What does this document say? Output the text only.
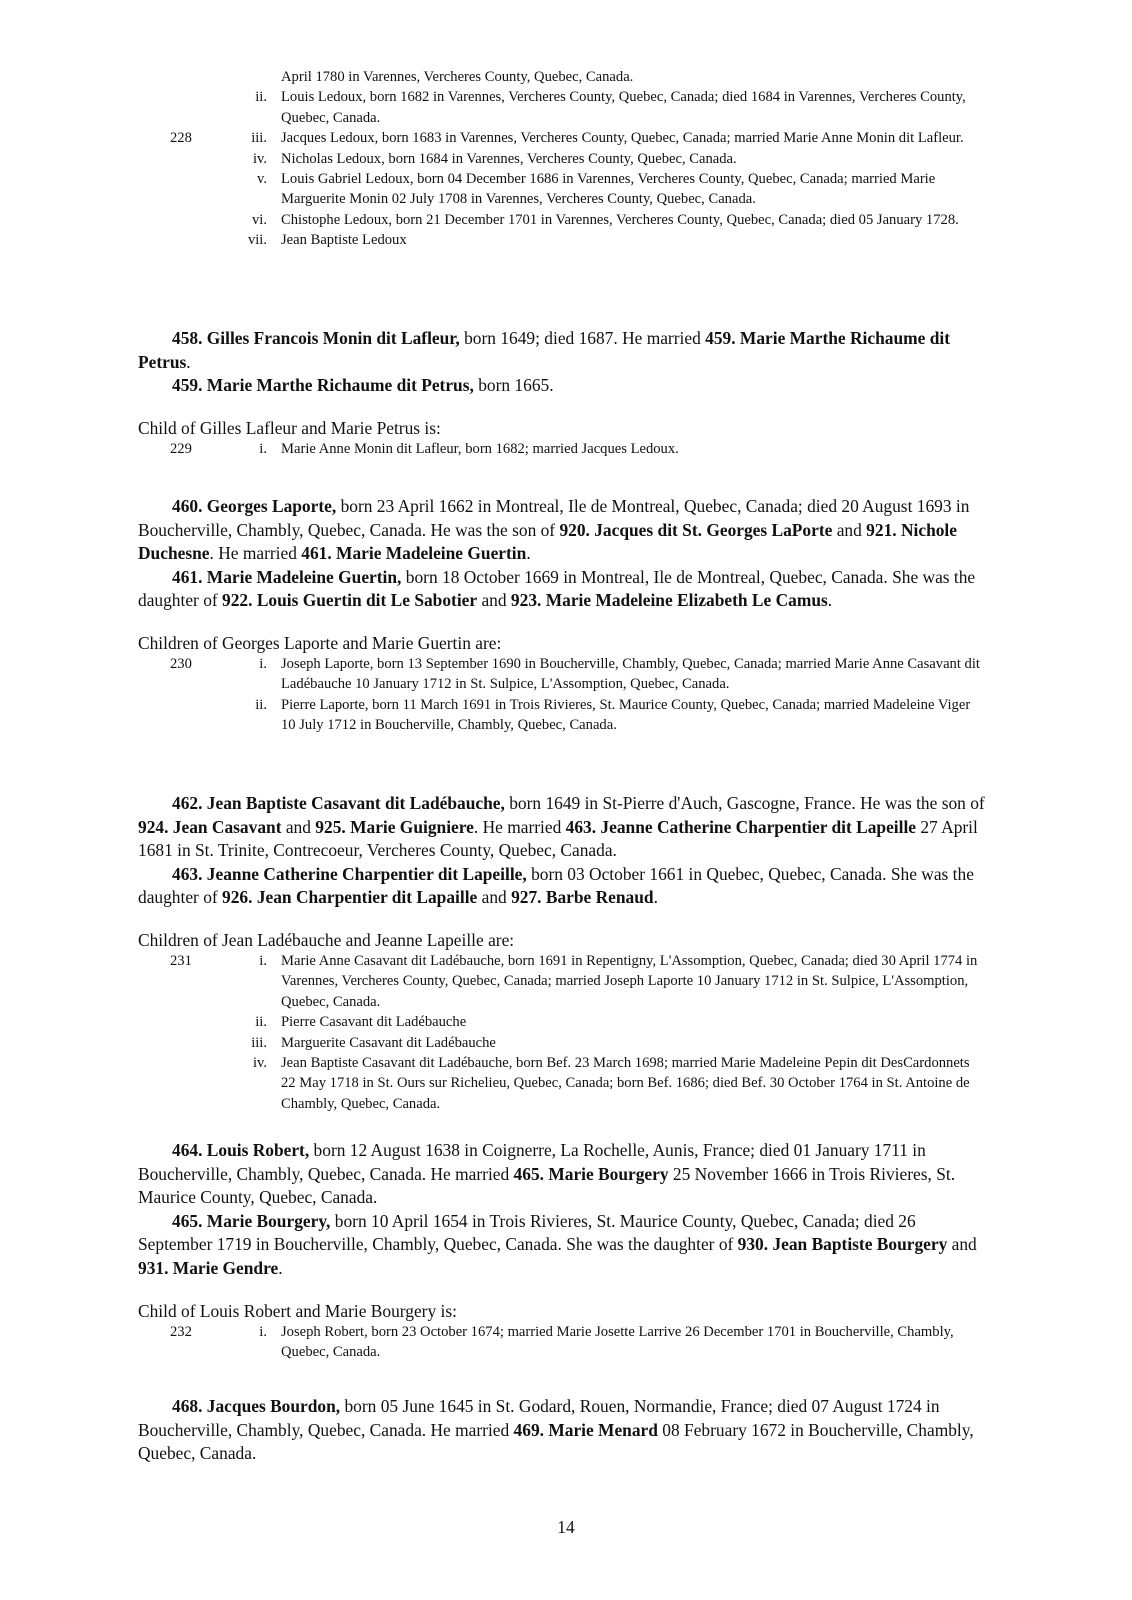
April 1780 in Varennes, Vercheres County, Quebec, Canada.
ii. Louis Ledoux, born 1682 in Varennes, Vercheres County, Quebec, Canada; died 1684 in Varennes, Vercheres County, Quebec, Canada.
228	iii. Jacques Ledoux, born 1683 in Varennes, Vercheres County, Quebec, Canada; married Marie Anne Monin dit Lafleur.
iv. Nicholas Ledoux, born 1684 in Varennes, Vercheres County, Quebec, Canada.
v. Louis Gabriel Ledoux, born 04 December 1686 in Varennes, Vercheres County, Quebec, Canada; married Marie Marguerite Monin 02 July 1708 in Varennes, Vercheres County, Quebec, Canada.
vi. Chistophe Ledoux, born 21 December 1701 in Varennes, Vercheres County, Quebec, Canada; died 05 January 1728.
vii. Jean Baptiste Ledoux

458. Gilles Francois Monin dit Lafleur, born 1649; died 1687. He married 459. Marie Marthe Richaume dit Petrus.

459. Marie Marthe Richaume dit Petrus, born 1665.

Child of Gilles Lafleur and Marie Petrus is:

229	i. Marie Anne Monin dit Lafleur, born 1682; married Jacques Ledoux.

460. Georges Laporte, born 23 April 1662 in Montreal, Ile de Montreal, Quebec, Canada; died 20 August 1693 in Boucherville, Chambly, Quebec, Canada. He was the son of 920. Jacques dit St. Georges LaPorte and 921. Nichole Duchesne. He married 461. Marie Madeleine Guertin.

461. Marie Madeleine Guertin, born 18 October 1669 in Montreal, Ile de Montreal, Quebec, Canada. She was the daughter of 922. Louis Guertin dit Le Sabotier and 923. Marie Madeleine Elizabeth Le Camus.

Children of Georges Laporte and Marie Guertin are:

230	i. Joseph Laporte, born 13 September 1690 in Boucherville, Chambly, Quebec, Canada; married Marie Anne Casavant dit Ladébauche 10 January 1712 in St. Sulpice, L'Assomption, Quebec, Canada.
ii. Pierre Laporte, born 11 March 1691 in Trois Rivieres, St. Maurice County, Quebec, Canada; married Madeleine Viger 10 July 1712 in Boucherville, Chambly, Quebec, Canada.

462. Jean Baptiste Casavant dit Ladébauche, born 1649 in St-Pierre d'Auch, Gascogne, France. He was the son of 924. Jean Casavant and 925. Marie Guigniere. He married 463. Jeanne Catherine Charpentier dit Lapeille 27 April 1681 in St. Trinite, Contrecoeur, Vercheres County, Quebec, Canada.

463. Jeanne Catherine Charpentier dit Lapeille, born 03 October 1661 in Quebec, Quebec, Canada. She was the daughter of 926. Jean Charpentier dit Lapaille and 927. Barbe Renaud.

Children of Jean Ladébauche and Jeanne Lapeille are:

231	i. Marie Anne Casavant dit Ladébauche, born 1691 in Repentigny, L'Assomption, Quebec, Canada; died 30 April 1774 in Varennes, Vercheres County, Quebec, Canada; married Joseph Laporte 10 January 1712 in St. Sulpice, L'Assomption, Quebec, Canada.
ii. Pierre Casavant dit Ladébauche
iii. Marguerite Casavant dit Ladébauche
iv. Jean Baptiste Casavant dit Ladébauche, born Bef. 23 March 1698; married Marie Madeleine Pepin dit DesCardonnets 22 May 1718 in St. Ours sur Richelieu, Quebec, Canada; born Bef. 1686; died Bef. 30 October 1764 in St. Antoine de Chambly, Quebec, Canada.

464. Louis Robert, born 12 August 1638 in Coignerre, La Rochelle, Aunis, France; died 01 January 1711 in Boucherville, Chambly, Quebec, Canada. He married 465. Marie Bourgery 25 November 1666 in Trois Rivieres, St. Maurice County, Quebec, Canada.

465. Marie Bourgery, born 10 April 1654 in Trois Rivieres, St. Maurice County, Quebec, Canada; died 26 September 1719 in Boucherville, Chambly, Quebec, Canada. She was the daughter of 930. Jean Baptiste Bourgery and 931. Marie Gendre.

Child of Louis Robert and Marie Bourgery is:

232	i. Joseph Robert, born 23 October 1674; married Marie Josette Larrive 26 December 1701 in Boucherville, Chambly, Quebec, Canada.

468. Jacques Bourdon, born 05 June 1645 in St. Godard, Rouen, Normandie, France; died 07 August 1724 in Boucherville, Chambly, Quebec, Canada. He married 469. Marie Menard 08 February 1672 in Boucherville, Chambly, Quebec, Canada.

14
